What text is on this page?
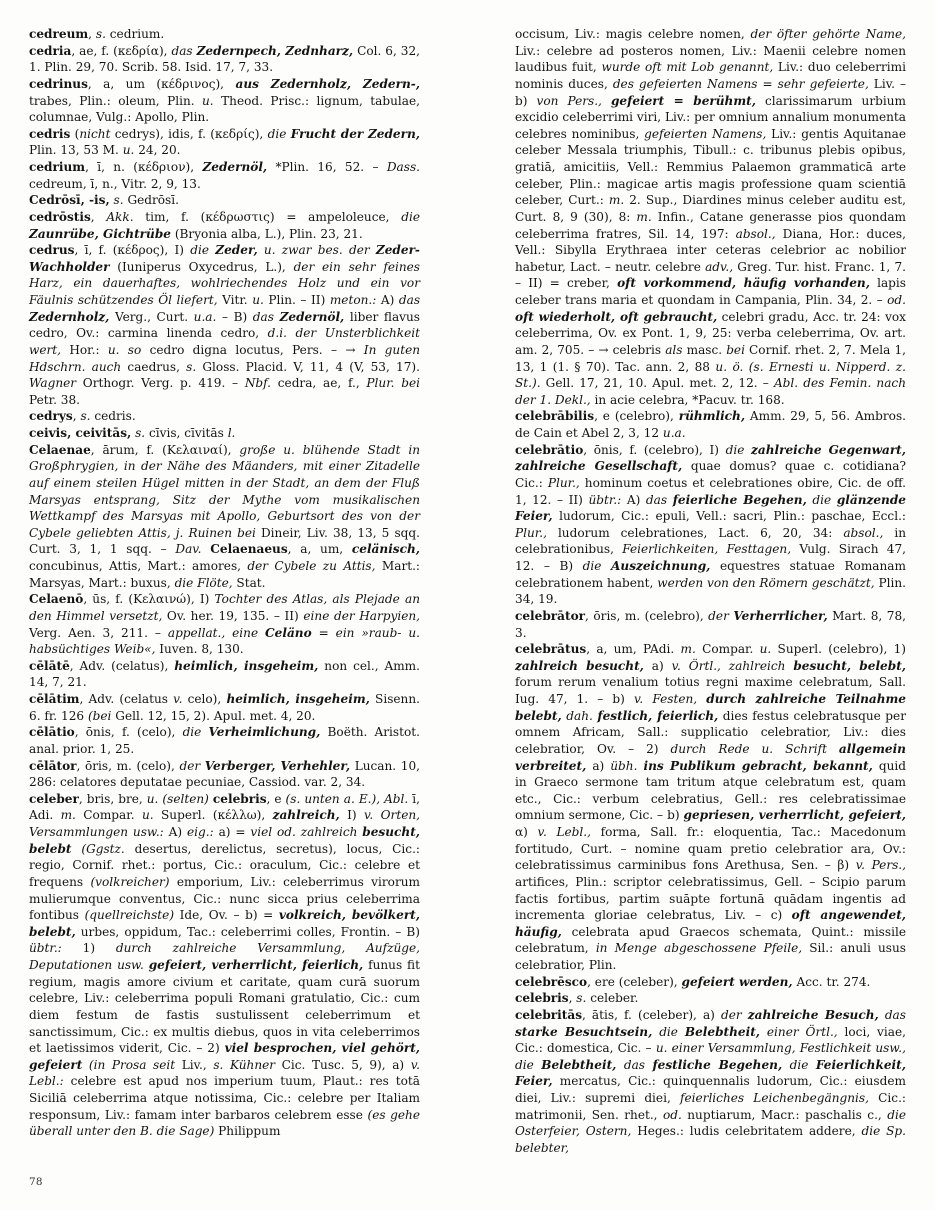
cedreum, s. cedrium.

cedria, ae, f. (κεδρία), das Zedernpech, Zednharz, Col. 6, 32, 1. Plin. 29, 70. Scrib. 58. Isid. 17, 7, 33.

cedrinus, a, um (κέδρινος), aus Zedernholz, Zedern-, trabes, Plin.: oleum, Plin. u. Theod. Prisc.: lignum, tabulae, columnae, Vulg.: Apollo, Plin.

cedris (nicht cedrys), idis, f. (κεδρίς), die Frucht der Zedern, Plin. 13, 53 M. u. 24, 20.

cedrium, ī, n. (κέδριον), Zedernöl, *Plin. 16, 52. – Dass. cedreum, ī, n., Vitr. 2, 9, 13.

Cedrōsī, -is, s. Gedrōsī.

cedrōstis, Akk. tim, f. (κέδρωστις) = ampeloleuce, die Zaunrübe, Gichtrübe (Bryonia alba, L.), Plin. 23, 21.

cedrus, ī, f. (κέδρος), I) die Zeder, u. zwar bes. der Zeder-Wachholder (Iuniperus Oxycedrus, L.), der ein sehr feines Harz, ein dauerhaftes, wohlriechendes Holz und ein vor Fäulnis schützendes Öl liefert, Vitr. u. Plin. – II) meton.: A) das Zedernholz, Verg., Curt. u.a. – B) das Zedernöl, liber flavus cedro, Ov.: carmina linenda cedro, d.i. der Unsterblichkeit wert, Hor.: u. so cedro digna locutus, Pers. – → In guten Hdschrn. auch caedrus, s. Gloss. Placid. V, 11, 4 (V, 53, 17). Wagner Orthogr. Verg. p. 419. – Nbf. cedra, ae, f., Plur. bei Petr. 38.

cedrys, s. cedris.

ceivis, ceivitās, s. cīvis, cīvitās l.

Celaenae, ārum, f. (Κελαιναί), große u. blühende Stadt in Großphrygien, in der Nähe des Mäanders, mit einer Zitadelle auf einem steilen Hügel mitten in der Stadt, an dem der Fluß Marsyas entsprang, Sitz der Mythe vom musikalischen Wettkampf des Marsyas mit Apollo, Geburtsort des von der Cybele geliebten Attis, j. Ruinen bei Dineir, Liv. 38, 13, 5 sqq. Curt. 3, 1, 1 sqq. – Dav. Celaenaeus, a, um, celänisch, concubinus, Attis, Mart.: amores, der Cybele zu Attis, Mart.: Marsyas, Mart.: buxus, die Flöte, Stat.

Celaenō, ūs, f. (Κελαινώ), I) Tochter des Atlas, als Plejade an den Himmel versetzt, Ov. her. 19, 135. – II) eine der Harpyien, Verg. Aen. 3, 211. – appellat., eine Celäno = ein »raub- u. habsüchtiges Weib«, Iuven. 8, 130.

cēlātē, Adv. (celatus), heimlich, insgeheim, non cel., Amm. 14, 7, 21.

cēlātim, Adv. (celatus v. celo), heimlich, insgeheim, Sisenn. 6. fr. 126 (bei Gell. 12, 15, 2). Apul. met. 4, 20.

cēlātio, ōnis, f. (celo), die Verheimlichung, Boëth. Aristot. anal. prior. 1, 25.

cēlātor, ōris, m. (celo), der Verberger, Verhehler, Lucan. 10, 286: celatores deputatae pecuniae, Cassiod. var. 2, 34.

celeber, bris, bre, u. (selten) celebris, e (s. unten a. E.), Abl. ī, Adi. m. Compar. u. Superl. (κέλλω), zahlreich, I) v. Orten, Versammlungen usw.: A) eig.: a) = viel od. zahlreich besucht, belebt (Ggstz. desertus, derelictus, secretus), locus, Cic.: regio, Cornif. rhet.: portus, Cic.: oraculum, Cic.: celebre et frequens (volkreicher) emporium, Liv.: celeberrimus virorum mulierumque conventus, Cic.: nunc sicca prius celeberrima fontibus (quellreichste) Ide, Ov. – b) = volkreich, bevölkert, belebt, urbes, oppidum, Tac.: celeberrimi colles, Frontin. – B) übtr.: 1) durch zahlreiche Versammlung, Aufzüge, Deputationen usw. gefeiert, verherrlicht, feierlich, funus fit regium, magis amore civium et caritate, quam curā suorum celebre, Liv.: celeberrima populi Romani gratulatio, Cic.: cum diem festum de fastis sustulissent celeberrimum et sanctissimum, Cic.: ex multis diebus, quos in vita celeberrimos et laetissimos viderit, Cic. – 2) viel besprochen, viel gehört, gefeiert (in Prosa seit Liv., s. Kühner Cic. Tusc. 5, 9), a) v. Lebl.: celebre est apud nos imperium tuum, Plaut.: res totā Siciliā celeberrima atque notissima, Cic.: celebre per Italiam responsum, Liv.: famam inter barbaros celebrem esse (es gehe überall unter den B. die Sage) Philippum

occisum, Liv.: magis celebre nomen, der öfter gehörte Name, Liv.: celebre ad posteros nomen, Liv.: Maenii celebre nomen laudibus fuit, wurde oft mit Lob genannt, Liv.: duo celeberrimi nominis duces, des gefeierten Namens = sehr gefeierte, Liv. – b) von Pers., gefeiert = berühmt, clarissimarum urbium excidio celeberrimi viri, Liv.: per omnium annalium monumenta celebres nominibus, gefeierten Namens, Liv.: gentis Aquitanae celeber Messala triumphis, Tibull.: c. tribunus plebis opibus, gratiā, amicitiis, Vell.: Remmius Palaemon grammaticā arte celeber, Plin.: magicae artis magis professione quam scientiā celeber, Curt.: m. 2. Sup., Diardines minus celeber auditu est, Curt. 8, 9 (30), 8: m. Infin., Catane generasse pios quondam celeberrima fratres, Sil. 14, 197: absol., Diana, Hor.: duces, Vell.: Sibylla Erythraea inter ceteras celebrior ac nobilior habetur, Lact. – neutr. celebre adv., Greg. Tur. hist. Franc. 1, 7. – II) = creber, oft vorkommend, häufig vorhanden, lapis celeber trans maria et quondam in Campania, Plin. 34, 2. – od. oft wiederholt, oft gebraucht, celebri gradu, Acc. tr. 24: vox celeberrima, Ov. ex Pont. 1, 9, 25: verba celeberrima, Ov. art. am. 2, 705. – → celebris als masc. bei Cornif. rhet. 2, 7. Mela 1, 13, 1 (1. § 70). Tac. ann. 2, 88 u. ö. (s. Ernesti u. Nipperd. z. St.). Gell. 17, 21, 10. Apul. met. 2, 12. – Abl. des Femin. nach der 1. Dekl., in acie celebra, *Pacuv. tr. 168.

celebrābilis, e (celebro), rühmlich, Amm. 29, 5, 56. Ambros. de Cain et Abel 2, 3, 12 u.a.

celebrātio, ōnis, f. (celebro), I) die zahlreiche Gegenwart, zahlreiche Gesellschaft, quae domus? quae c. cotidiana? Cic.: Plur., hominum coetus et celebrationes obire, Cic. de off. 1, 12. – II) übtr.: A) das feierliche Begehen, die glänzende Feier, ludorum, Cic.: epuli, Vell.: sacri, Plin.: paschae, Eccl.: Plur., ludorum celebrationes, Lact. 6, 20, 34: absol., in celebrationibus, Feierlichkeiten, Festtagen, Vulg. Sirach 47, 12. – B) die Auszeichnung, equestres statuae Romanam celebrationem habent, werden von den Römern geschätzt, Plin. 34, 19.

celebrātor, ōris, m. (celebro), der Verherrlicher, Mart. 8, 78, 3.

celebrātus, a, um, PAdi. m. Compar. u. Superl. (celebro), 1) zahlreich besucht, a) v. Örtl., zahlreich besucht, belebt, forum rerum venalium totius regni maxime celebratum, Sall. Iug. 47, 1. – b) v. Festen, durch zahlreiche Teilnahme belebt, dah. festlich, feierlich, dies festus celebratusque per omnem Africam, Sall.: supplicatio celebratior, Liv.: dies celebratior, Ov. – 2) durch Rede u. Schrift allgemein verbreitet, a) übh. ins Publikum gebracht, bekannt, quid in Graeco sermone tam tritum atque celebratum est, quam etc., Cic.: verbum celebratius, Gell.: res celebratissimae omnium sermone, Cic. – b) gepriesen, verherrlicht, gefeiert, α) v. Lebl., forma, Sall. fr.: eloquentia, Tac.: Macedonum fortitudo, Curt. – nomine quam pretio celebratior ara, Ov.: celebratissimus carminibus fons Arethusa, Sen. – β) v. Pers., artifices, Plin.: scriptor celebratissimus, Gell. – Scipio parum factis fortibus, partim suāpte fortunā quādam ingentis ad incrementa gloriae celebratus, Liv. – c) oft angewendet, häufig, celebrata apud Graecos schemata, Quint.: missile celebratum, in Menge abgeschossene Pfeile, Sil.: anuli usus celebratior, Plin.

celebrēsco, ere (celeber), gefeiert werden, Acc. tr. 274.

celebris, s. celeber.

celebritās, ātis, f. (celeber), a) der zahlreiche Besuch, das starke Besuchtsein, die Belebtheit, einer Örtl., loci, viae, Cic.: domestica, Cic. – u. einer Versammlung, Festlichkeit usw., die Belebtheit, das festliche Begehen, die Feierlichkeit, Feier, mercatus, Cic.: quinquennalis ludorum, Cic.: eiusdem diei, Liv.: supremi diei, feierliches Leichenbegängnis, Cic.: matrimonii, Sen. rhet., od. nuptiarum, Macr.: paschalis c., die Osterfeier, Ostern, Heges.: ludis celebritatem addere, die Sp. belebter,

78
